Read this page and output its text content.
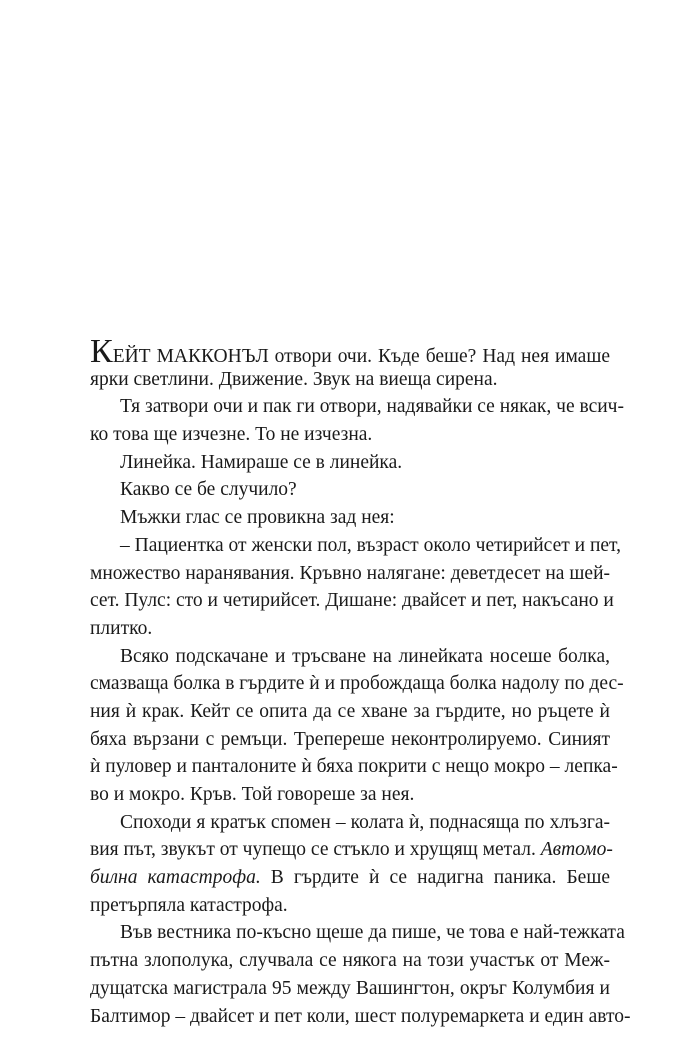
КЕЙТ МАККОНЪЛ отвори очи. Къде беше? Над нея имаше
ярки светлини. Движение. Звук на виеща сирена.
Тя затвори очи и пак ги отвори, надявайки се някак, че всич-
ко това ще изчезне. То не изчезна.
Линейка. Намираше се в линейка.
Какво се бе случило?
Мъжки глас се провикна зад нея:
– Пациентка от женски пол, възраст около четирийсет и пет,
множество наранявания. Кръвно налягане: деветдесет на шей-
сет. Пулс: сто и четирийсет. Дишане: двайсет и пет, накъсано и
плитко.
Всяко подскачане и тръсване на линейката носеше болка,
смазваща болка в гърдите ѝ и пробождаща болка надолу по дес-
ния ѝ крак. Кейт се опита да се хване за гърдите, но ръцете ѝ
бяха вързани с ремъци. Трепереше неконтролируемо. Синият
ѝ пуловер и панталоните ѝ бяха покрити с нещо мокро – лепка-
во и мокро. Кръв. Той говореше за нея.
Споходи я кратък спомен – колата ѝ, поднасяща по хлъзга-
вия път, звукът от чупещо се стъкло и хрущящ метал. Автомо-
билна катастрофа. В гърдите ѝ се надигна паника. Беше
претърпяла катастрофа.
Във вестника по-късно щеше да пише, че това е най-тежката
пътна злополука, случвала се някога на този участък от Меж-
дущатска магистрала 95 между Вашингтон, окръг Колумбия и
Балтимор – двайсет и пет коли, шест полуремаркета и един авто-
